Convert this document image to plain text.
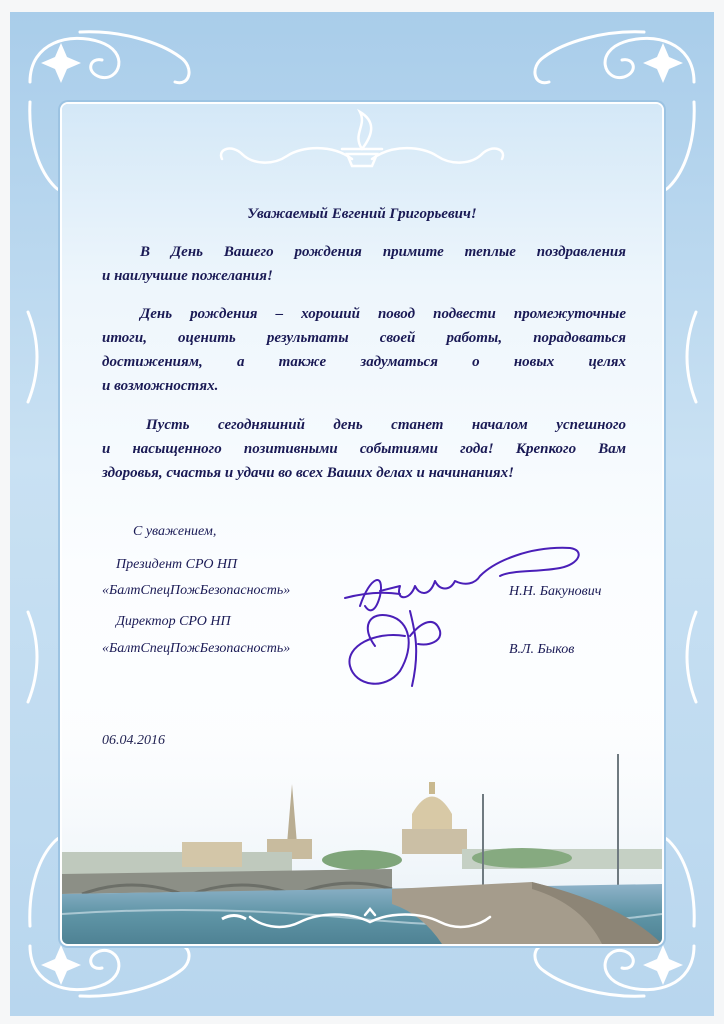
Уважаемый Евгений Григорьевич!
В День Вашего рождения примите теплые поздравления
и наилучшие пожелания!
День рождения – хороший повод подвести промежуточные
итоги, оценить результаты своей работы, порадоваться
достижениям, а также задуматься о новых целях
и возможностях.
Пусть сегодняшний день станет началом успешного
и насыщенного позитивными событиями года! Крепкого Вам
здоровья, счастья и удачи во всех Ваших делах и начинаниях!
С уважением,
Президент СРО НП
«БалтСпецПожБезопасность»	Н.Н. Бакунович
Директор СРО НП
«БалтСпецПожБезопасность»	В.Л. Быков
06.04.2016
